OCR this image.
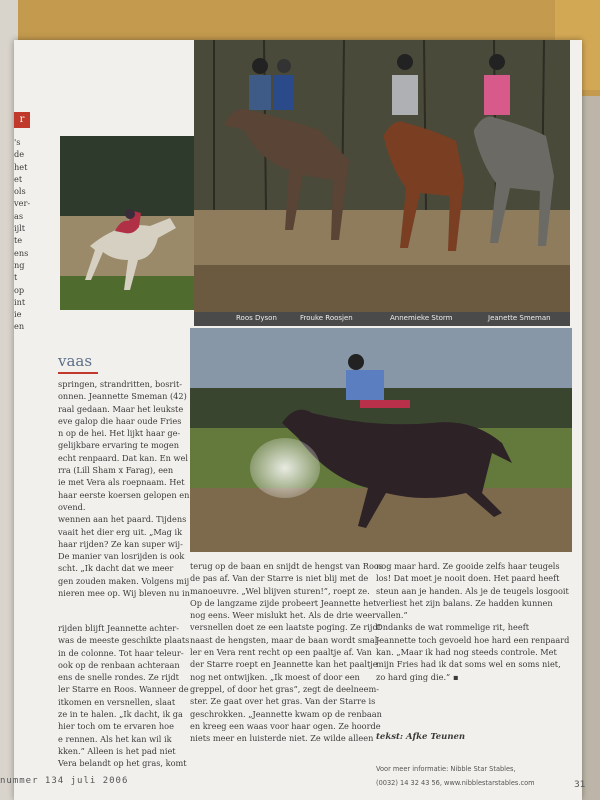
r

's

de

het

et

ols

ver-

as

ijlt

te

ens

ng

t

op

int

ie

en

Roos Dyson	Frouke Roosjen	Annemieke Storm	Jeanette Smeman
vaas

springen, strandritten, bosrit-

onnen. Jeannette Smeman (42)

raal gedaan. Maar het leukste

eve galop die haar oude Fries

n op de hei. Het lijkt haar ge-

gelijkbare ervaring te mogen

echt renpaard. Dat kan. En wel

rra (Lill Sham x Farag), een

ie met Vera als roepnaam. Het

haar eerste koersen gelopen en

ovend.

wennen aan het paard. Tijdens

vaait het dier erg uit. „Mag ik

haar rijden? Ze kan super wij-

De manier van losrijden is ook

scht. „Ik dacht dat we meer

gen zouden maken. Volgens mij

nieren mee op. Wij bleven nu in

rijden blijft Jeannette achter-

was de meeste geschikte plaats

in de colonne. Tot haar teleur-

ook op de renbaan achteraan

ens de snelle rondes. Ze rijdt

ler Starre en Roos. Wanneer de

itkomen en versnellen, slaat

ze in te halen. „Ik dacht, ik ga

hier toch om te ervaren hoe

e rennen. Als het kan wil ik

kken.” Alleen is het pad niet

Vera belandt op het gras, komt

terug op de baan en snijdt de hengst van Roos

de pas af. Van der Starre is niet blij met de

manoeuvre. „Wel blijven sturen!”, roept ze.

Op de langzame zijde probeert Jeannette het

nog eens. Weer mislukt het. Als de drie weer

versnellen doet ze een laatste poging. Ze rijdt

naast de hengsten, maar de baan wordt smal-

ler en Vera rent recht op een paaltje af. Van

der Starre roept en Jeannette kan het paaltje

nog net ontwijken. „Ik moest of door een

greppel, of door het gras”, zegt de deelneem-

ster. Ze gaat over het gras. Van der Starre is

geschrokken. „Jeannette kwam op de renbaan

en kreeg een waas voor haar ogen. Ze hoorde

niets meer en luisterde niet. Ze wilde alleen

nog maar hard. Ze gooide zelfs haar teugels

los! Dat moet je nooit doen. Het paard heeft

steun aan je handen. Als je de teugels losgooit

verliest het zijn balans. Ze hadden kunnen

vallen.”

Ondanks de wat rommelige rit, heeft

Jeannette toch gevoeld hoe hard een renpaard

kan. „Maar ik had nog steeds controle. Met

mijn Fries had ik dat soms wel en soms niet,

zo hard ging die.” ▪

tekst: Afke Teunen

Voor meer informatie: Nibble Star Stables,

(0032) 14 32 43 56, www.nibblestarstables.com

nummer 134 juli 2006	31
